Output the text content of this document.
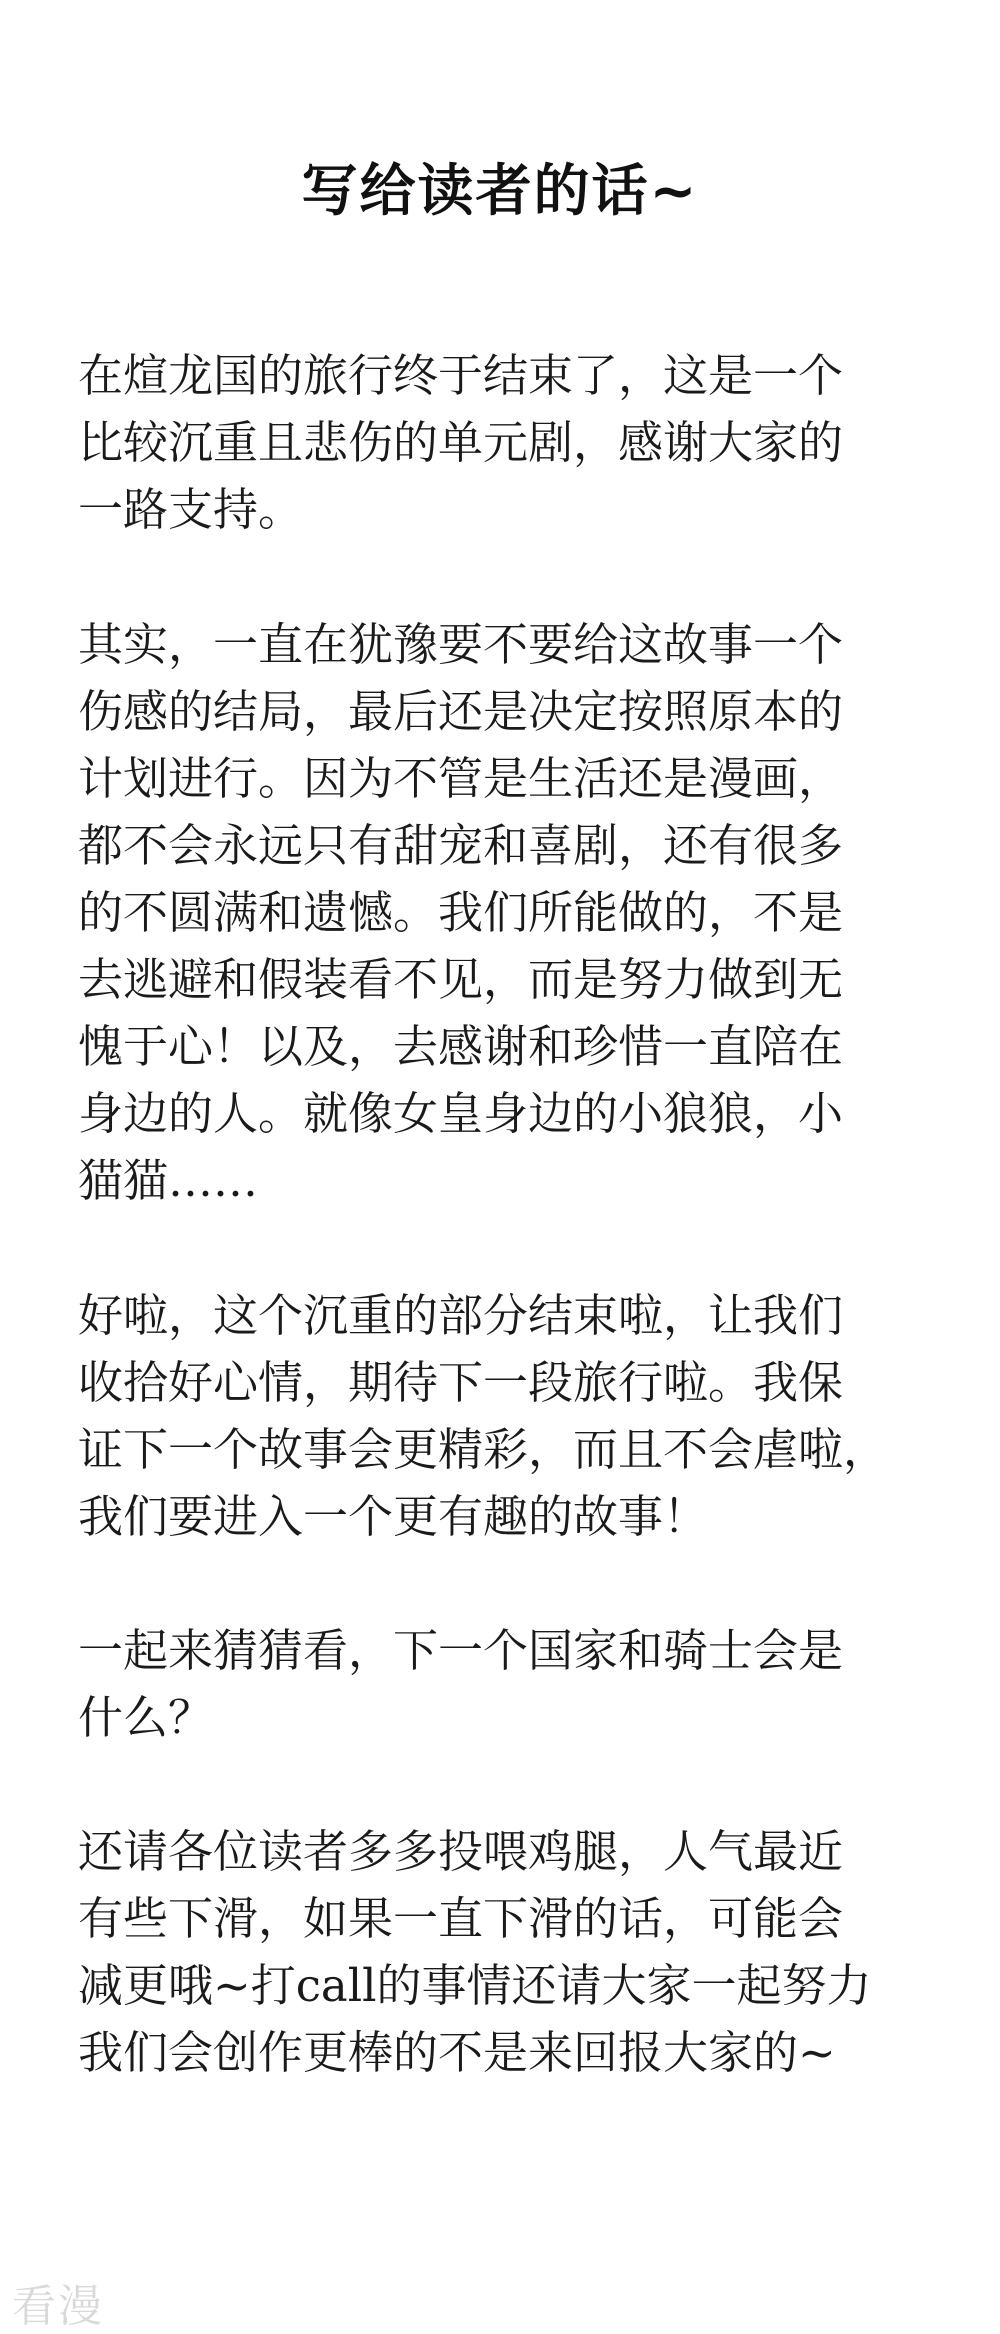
写给读者的话~
在煊龙国的旅行终于结束了，这是一个
比较沉重且悲伤的单元剧，感谢大家的
一路支持。
其实，一直在犹豫要不要给这故事一个
伤感的结局，最后还是决定按照原本的
计划进行。因为不管是生活还是漫画，
都不会永远只有甜宠和喜剧，还有很多
的不圆满和遗憾。我们所能做的，不是
去逃避和假装看不见，而是努力做到无
愧于心！以及，去感谢和珍惜一直陪在
身边的人。就像女皇身边的小狼狼，小
猫猫……
好啦，这个沉重的部分结束啦，让我们
收拾好心情，期待下一段旅行啦。我保
证下一个故事会更精彩，而且不会虐啦，
我们要进入一个更有趣的故事！
一起来猜猜看，下一个国家和骑士会是
什么？
还请各位读者多多投喂鸡腿，人气最近
有些下滑，如果一直下滑的话，可能会
减更哦~打call的事情还请大家一起努力
我们会创作更棒的不是来回报大家的~
看漫
